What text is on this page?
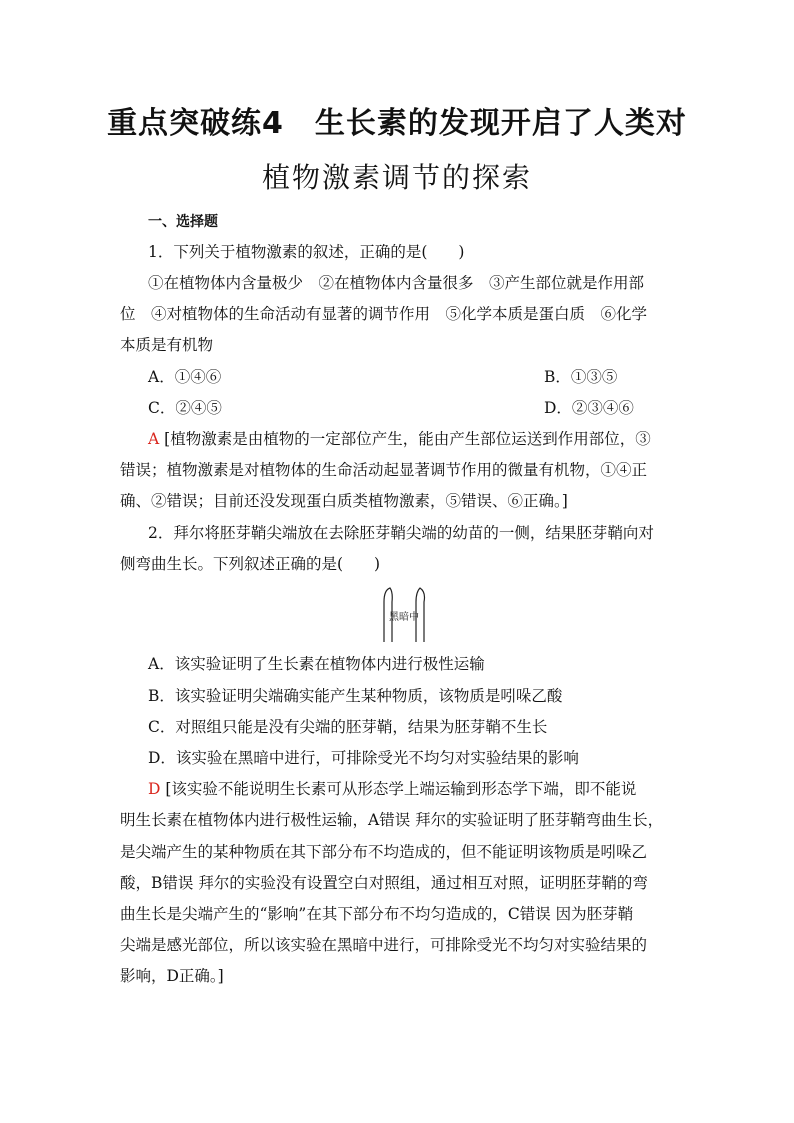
重点突破练4　生长素的发现开启了人类对
植物激素调节的探索
一、选择题
1．下列关于植物激素的叙述，正确的是(　　)
①在植物体内含量极少　②在植物体内含量很多　③产生部位就是作用部
位　④对植物体的生命活动有显著的调节作用　⑤化学本质是蛋白质　⑥化学
本质是有机物
A．①④⑥	B．①③⑤
C．②④⑤	D．②③④⑥
A [植物激素是由植物的一定部位产生，能由产生部位运送到作用部位，③
错误；植物激素是对植物体的生命活动起显著调节作用的微量有机物，①④正
确、②错误；目前还没发现蛋白质类植物激素，⑤错误、⑥正确。]
2．拜尔将胚芽鞘尖端放在去除胚芽鞘尖端的幼苗的一侧，结果胚芽鞘向对
侧弯曲生长。下列叙述正确的是(　　)
黑暗中
A．该实验证明了生长素在植物体内进行极性运输
B．该实验证明尖端确实能产生某种物质，该物质是吲哚乙酸
C．对照组只能是没有尖端的胚芽鞘，结果为胚芽鞘不生长
D．该实验在黑暗中进行，可排除受光不均匀对实验结果的影响
D [该实验不能说明生长素可从形态学上端运输到形态学下端，即不能说
明生长素在植物体内进行极性运输，A错误 拜尔的实验证明了胚芽鞘弯曲生长，
是尖端产生的某种物质在其下部分布不均造成的，但不能证明该物质是吲哚乙
酸，B错误 拜尔的实验没有设置空白对照组，通过相互对照，证明胚芽鞘的弯
曲生长是尖端产生的“影响”在其下部分布不均匀造成的，C错误 因为胚芽鞘
尖端是感光部位，所以该实验在黑暗中进行，可排除受光不均匀对实验结果的
影响，D正确。]
